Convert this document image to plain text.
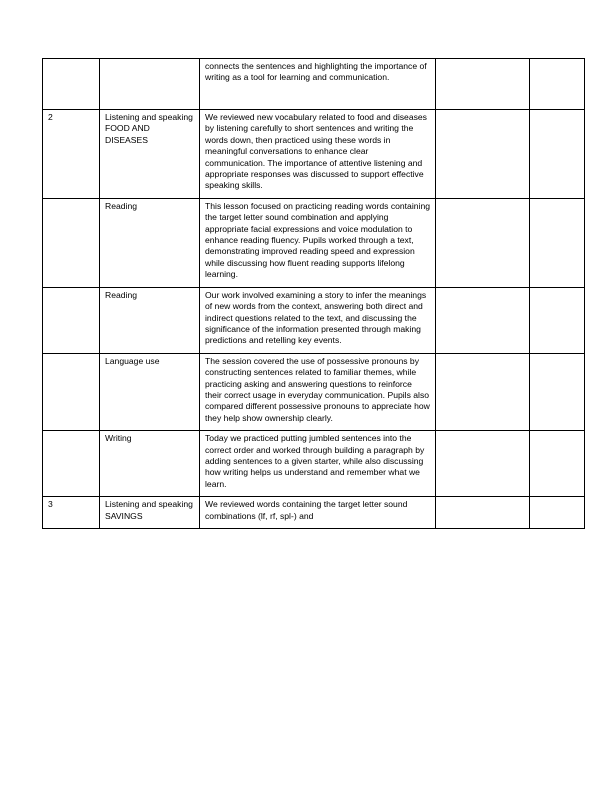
		connects the sentences and highlighting the importance of writing as a tool for learning and communication.		
2	Listening and speaking FOOD AND DISEASES	We reviewed new vocabulary related to food and diseases by listening carefully to short sentences and writing the words down, then practiced using these words in meaningful conversations to enhance clear communication. The importance of attentive listening and appropriate responses was discussed to support effective speaking skills.		
	Reading	This lesson focused on practicing reading words containing the target letter sound combination and applying appropriate facial expressions and voice modulation to enhance reading fluency. Pupils worked through a text, demonstrating improved reading speed and expression while discussing how fluent reading supports lifelong learning.		
	Reading	Our work involved examining a story to infer the meanings of new words from the context, answering both direct and indirect questions related to the text, and discussing the significance of the information presented through making predictions and retelling key events.		
	Language use	The session covered the use of possessive pronouns by constructing sentences related to familiar themes, while practicing asking and answering questions to reinforce their correct usage in everyday communication. Pupils also compared different possessive pronouns to appreciate how they help show ownership clearly.		
	Writing	Today we practiced putting jumbled sentences into the correct order and worked through building a paragraph by adding sentences to a given starter, while also discussing how writing helps us understand and remember what we learn.		
3	Listening and speaking SAVINGS	We reviewed words containing the target letter sound combinations (lf, rf, spl-) and		
